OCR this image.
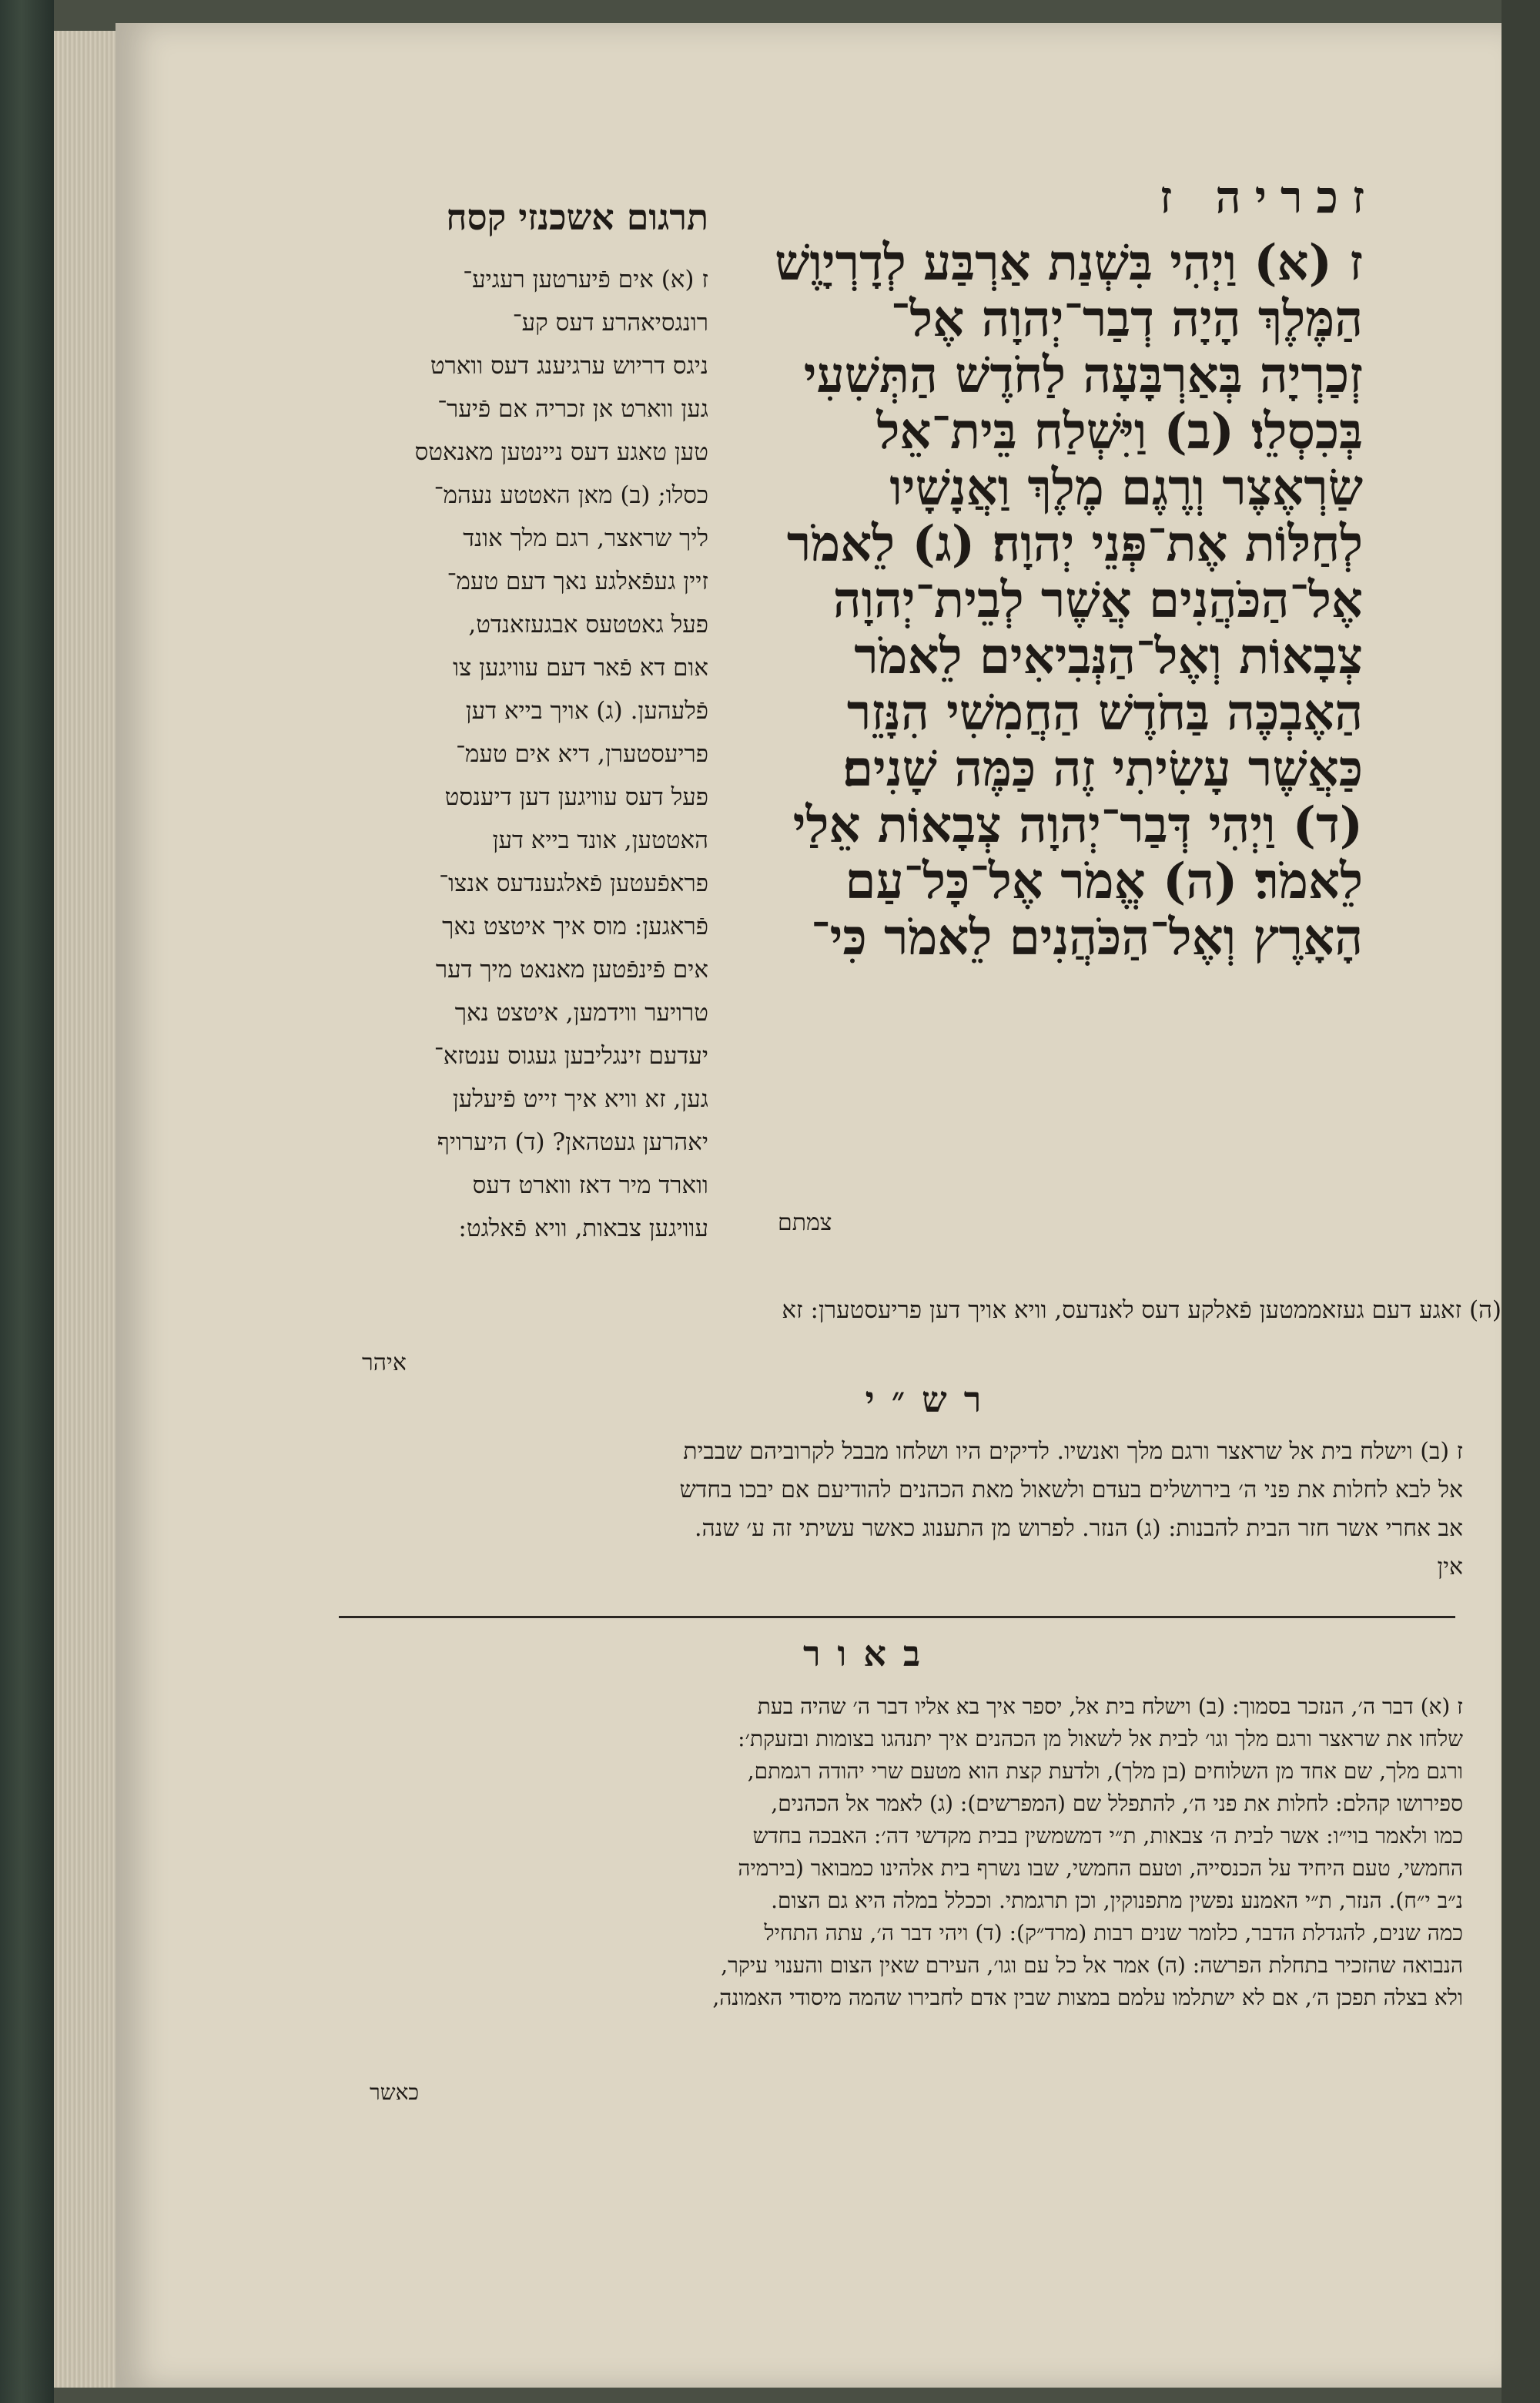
זכריה ז
תרגום אשכנזי קסח
ז (א) וַיְהִי בִּשְׁנַת אַרְבַּע לְדָרְיָוֶשׁ
הַמֶּלֶךְ הָיָה דְבַר־יְהוָה אֶל־
זְכַרְיָה בְּאַרְבָּעָה לַחֹדֶשׁ הַתְּשִׁעִי
בְּכִסְלֵו׃ (ב) וַיִּשְׁלַח בֵּית־אֵל
שַׂרְאֶצֶר וְרֶגֶם מֶלֶךְ וַאֲנָשָׁיו
לְחַלּוֹת אֶת־פְּנֵי יְהוָה׃ (ג) לֵאמֹר
אֶל־הַכֹּהֲנִים אֲשֶׁר לְבֵית־יְהוָה
צְבָאוֹת וְאֶל־הַנְּבִיאִים לֵאמֹר
הַאֶבְכֶּה בַּחֹדֶשׁ הַחֲמִשִׁי הִנָּזֵר
כַּאֲשֶׁר עָשִׂיתִי זֶה כַּמֶּה שָׁנִים׃
(ד) וַיְהִי דְּבַר־יְהוָה צְבָאוֹת אֵלַי
לֵאמֹר׃ (ה) אֱמֹר אֶל־כָּל־עַם
הָאָרֶץ וְאֶל־הַכֹּהֲנִים לֵאמֹר כִּי־
צמתם
ז (א) אים פֿיערטען רעגיע־
רונגסיאהרע דעס קע־
ניגס דריוש ערגיענג דעס ווארט
גען ווארט אן זכריה אם פֿיער־
טען טאגע דעס ניינטען מאנאטס
כסלו; (ב) מאן האטטע נעהמ־
ליך שראצר, רגם מלך אונד
זיין געפֿאלגע נאך דעם טעמ־
פעל גאטטעס אבגעזאנדט,
אום דא פֿאר דעם עוויגען צו
פֿלעהען. (ג) אויך בייא דען
פריעסטערן, דיא אים טעמ־
פעל דעס עוויגען דען דיענסט
האטטען, אונד בייא דען
פראפֿעטען פֿאלגענדעס אנצו־
פֿראגען: מוס איך איטצט נאך
אים פֿינפֿטען מאנאט מיך דער
טרויער ווידמען, איטצט נאך
יעדעם זינגליבען געגוס ענטזא־
גען, זא וויא איך זייט פֿיעלען
יאהרען געטהאן? (ד) היערויף
ווארד מיר דאז ווארט דעס
עוויגען צבאות, וויא פֿאלגט:
(ה) זאגע דעם געזאממטען פֿאלקע דעס לאנדעס, וויא אויך דען פריעסטערן: זא
איהר
רש״י
ז (ב) וישלח בית אל שראצר ורגם מלך ואנשיו. לדיקים היו ושלחו מבבל לקרוביהם שבבית
אל לבא לחלות את פני ה׳ בירושלים בעדם ולשאול מאת הכהנים להודיעם אם יבכו בחדש
אב אחרי אשר חזר הבית להבנות: (ג) הנזר. לפרוש מן התענוג כאשר עשיתי זה ע׳ שנה.
אין
באור
ז (א) דבר ה׳, הנזכר בסמוך: (ב) וישלח בית אל, יספר איך בא אליו דבר ה׳ שהיה בעת
שלחו את שראצר ורגם מלך וגו׳ לבית אל לשאול מן הכהנים איך יתנהגו בצומות ובזעקת׳:
ורגם מלך, שם אחד מן השלוחים (בן מלך), ולדעת קצת הוא מטעם שרי יהודה רגמתם,
ספירושו קהלם: לחלות את פני ה׳, להתפלל שם (המפרשים): (ג) לאמר אל הכהנים,
כמו ולאמר בוי״ו: אשר לבית ה׳ צבאות, ת״י דמשמשין בבית מקדשי דה׳: האבכה בחדש
החמשי, טעם היחיד על הכנסייה, וטעם החמשי, שבו נשרף בית אלהינו כמבואר (בירמיה
נ״ב י״ח). הנזר, ת״י האמנע נפשין מתפנוקין, וכן תרגמתי. וככלל במלה היא גם הצום.
כמה שנים, להגדלת הדבר, כלומר שנים רבות (מרד״ק): (ד) ויהי דבר ה׳, עתה התחיל
הנבואה שהזכיר בתחלת הפרשה: (ה) אמר אל כל עם וגו׳, העירם שאין הצום והענוי עיקר,
ולא בצלה תפכן ה׳, אם לא ישתלמו עלמם במצות שבין אדם לחבירו שהמה מיסודי האמונה,
כאשר
